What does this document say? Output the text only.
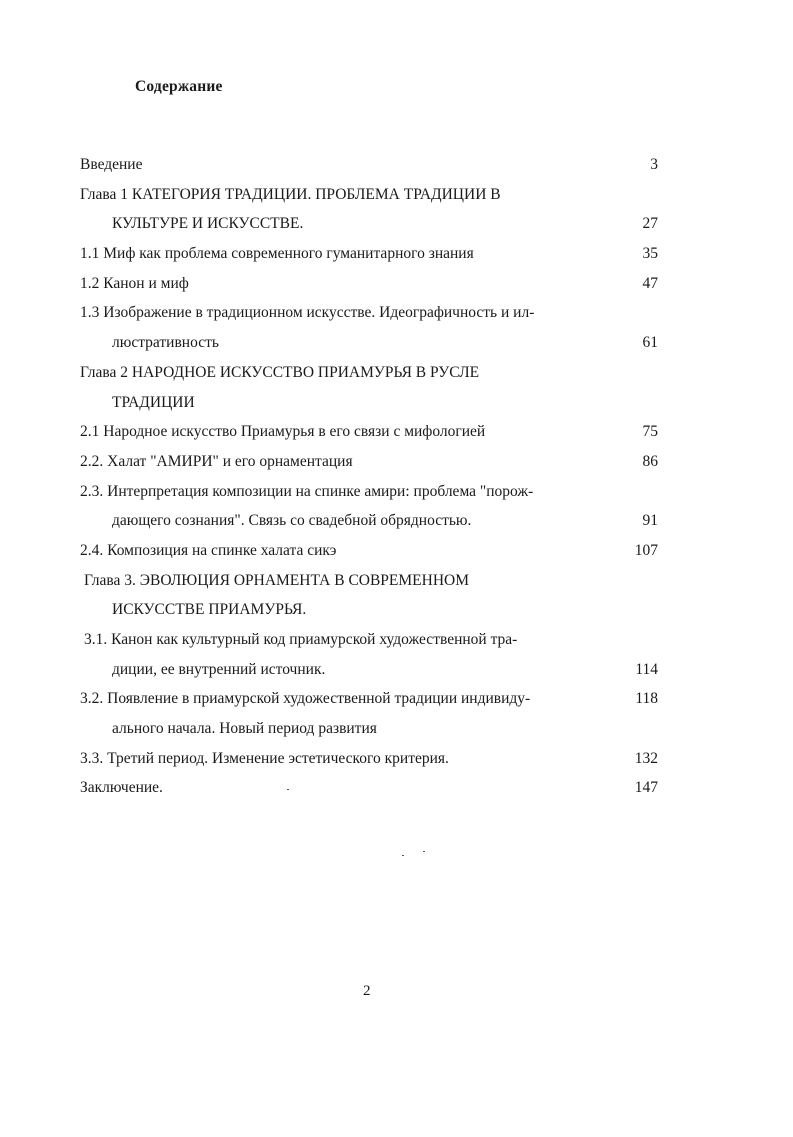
Содержание
Введение	3
Глава 1 КАТЕГОРИЯ ТРАДИЦИИ. ПРОБЛЕМА ТРАДИЦИИ В
КУЛЬТУРЕ И ИСКУССТВЕ.	27
1.1 Миф как проблема современного гуманитарного знания	35
1.2 Канон и миф	47
1.3 Изображение в традиционном искусстве. Идеографичность и ил-
люстративность	61
Глава 2 НАРОДНОЕ ИСКУССТВО ПРИАМУРЬЯ В РУСЛЕ
ТРАДИЦИИ
2.1 Народное искусство Приамурья в его связи с мифологией	75
2.2. Халат "АМИРИ" и его орнаментация	86
2.3. Интерпретация композиции на спинке амири: проблема "порож-
дающего сознания". Связь со свадебной обрядностью.	91
2.4. Композиция на спинке халата сикэ	107
Глава 3. ЭВОЛЮЦИЯ ОРНАМЕНТА В СОВРЕМЕННОМ
ИСКУССТВЕ ПРИАМУРЬЯ.
3.1. Канон как культурный код приамурской художественной тра-
диции, ее внутренний источник.	114
3.2. Появление в приамурской художественной традиции индивиду-	118
ального начала. Новый период развития
3.3. Третий период. Изменение эстетического критерия.	132
Заключение.	147
2
